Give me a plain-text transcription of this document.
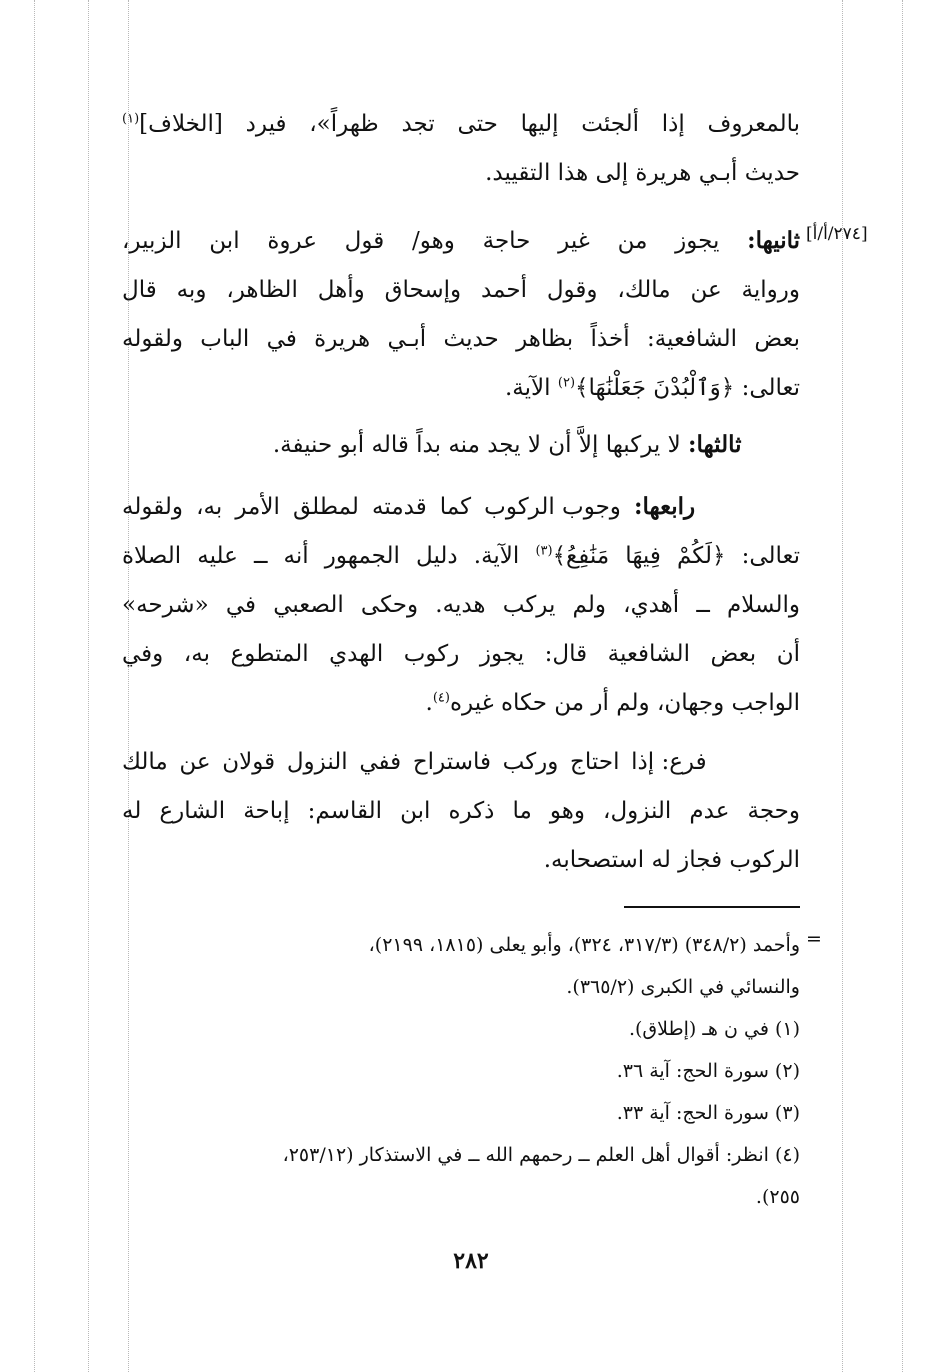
[٢٧٤/أ/أ]
بالمعروف إذا ألجئت إليها حتى تجد ظهراً»، فيرد [الخلاف]$^{(١)}$
حديث أبـي هريرة إلى هذا التقييد.
ثانيها: يجوز من غير حاجة وهو/ قول عروة ابن الزبير،
ورواية عن مالك، وقول أحمد وإسحاق وأهل الظاهر، وبه قال
بعض الشافعية: أخذاً بظاهر حديث أبـي هريرة في الباب ولقوله
تعالى: ﴿وَٱلْبُدْنَ جَعَلْنَٰهَا﴾$^{(٢)}$ الآية.
ثالثها: لا يركبها إلاَّ أن لا يجد منه بداً قاله أبو حنيفة.
رابعها: وجوب الركوب كما قدمته لمطلق الأمر به، ولقوله
تعالى: ﴿لَكُمْ فِيهَا مَنَٰفِعُ﴾$^{(٣)}$ الآية. دليل الجمهور أنه ــ عليه الصلاة
والسلام ــ أهدي، ولم يركب هديه. وحكى الصعبي في «شرحه»
أن بعض الشافعية قال: يجوز ركوب الهدي المتطوع به، وفي
الواجب وجهان، ولم أر من حكاه غيره$^{(٤)}$.
فرع: إذا احتاج وركب فاستراح ففي النزول قولان عن مالك
وحجة عدم النزول، وهو ما ذكره ابن القاسم: إباحة الشارع له
الركوب فجاز له استصحابه.
=
وأحمد (٣٤٨/٢) (٣١٧/٣، ٣٢٤)، وأبو يعلى (١٨١٥، ٢١٩٩)،
والنسائي في الكبرى (٣٦٥/٢).
(١) في ن هـ (إطلاق).
(٢) سورة الحج: آية ٣٦.
(٣) سورة الحج: آية ٣٣.
(٤) انظر: أقوال أهل العلم ــ رحمهم الله ــ في الاستذكار (٢٥٣/١٢،
٢٥٥).
٢٨٢
